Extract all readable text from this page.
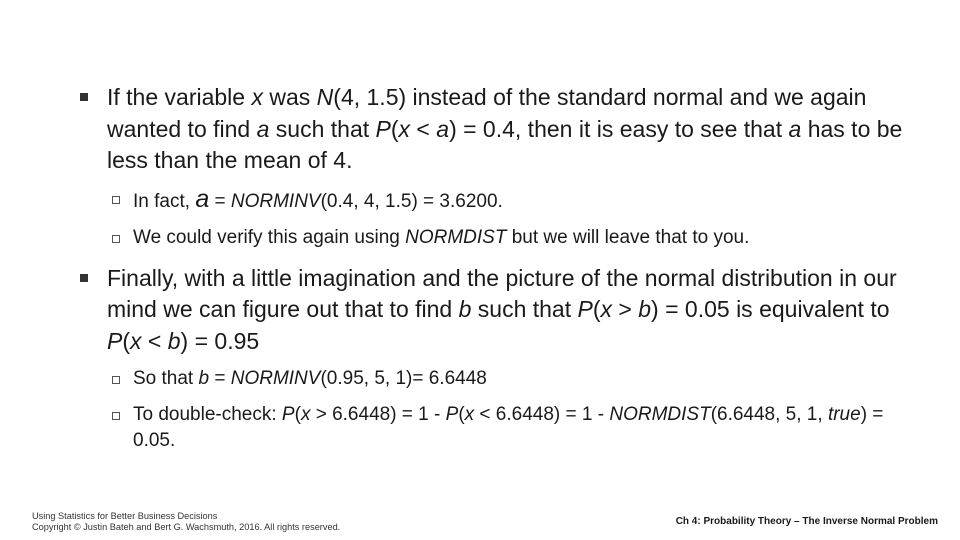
If the variable x was N(4, 1.5) instead of the standard normal and we again wanted to find a such that P(x < a) = 0.4, then it is easy to see that a has to be less than the mean of 4.

In fact, a = NORMINV(0.4, 4, 1.5) = 3.6200.

We could verify this again using NORMDIST but we will leave that to you.

Finally, with a little imagination and the picture of the normal distribution in our mind we can figure out that to find b such that P(x > b) = 0.05 is equivalent to P(x < b) = 0.95

So that b = NORMINV(0.95, 5, 1)= 6.6448

To double-check: P(x > 6.6448) = 1 - P(x < 6.6448) = 1 - NORMDIST(6.6448, 5, 1, true) = 0.05.

Using Statistics for Better Business Decisions
Copyright © Justin Bateh and Bert G. Wachsmuth, 2016. All rights reserved.	Ch 4: Probability Theory – The Inverse Normal Problem
